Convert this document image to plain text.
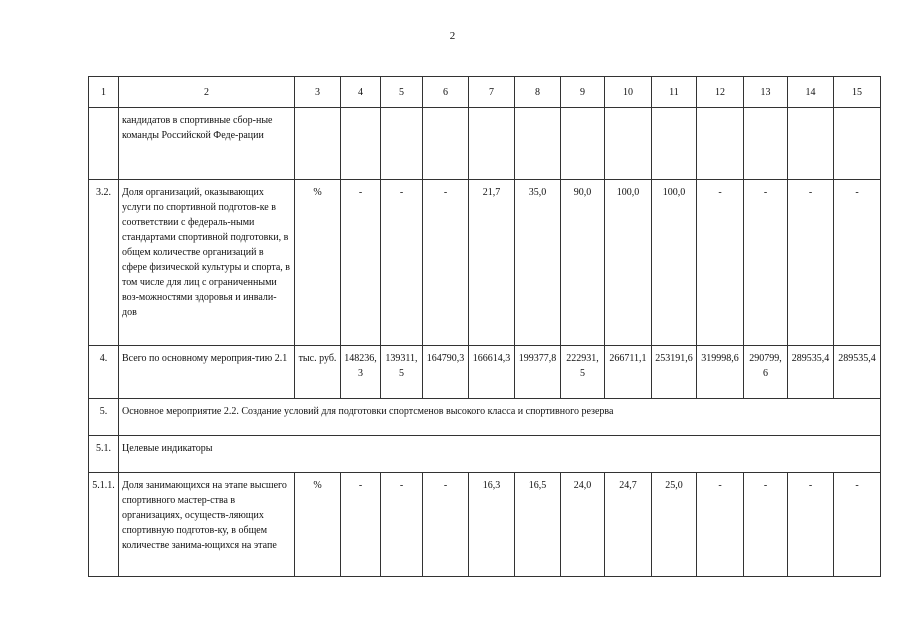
2
1	2	3	4	5	6	7	8	9	10	11	12	13	14	15
	кандидатов в спортивные сбор-ные команды Российской Феде-рации													
3.2.	Доля организаций, оказывающих услуги по спортивной подготов-ке в соответствии с федераль-ными стандартами спортивной подготовки, в общем количестве организаций в сфере физической культуры и спорта, в том числе для лиц с ограниченными воз-можностями здоровья и инвали-дов	%	-	-	-	21,7	35,0	90,0	100,0	100,0	-	-	-	-
4.	Всего по основному мероприя-тию 2.1	тыс. руб.	148236,3	139311,5	164790,3	166614,3	199377,8	222931,5	266711,1	253191,6	319998,6	290799,6	289535,4	289535,4
5.	Основное мероприятие 2.2. Создание условий для подготовки спортсменов высокого класса и спортивного резерва													
5.1.	Целевые индикаторы													
5.1.1.	Доля занимающихся на этапе высшего спортивного мастер-ства в организациях, осуществ-ляющих спортивную подготов-ку, в общем количестве занима-ющихся на этапе	%	-	-	-	16,3	16,5	24,0	24,7	25,0	-	-	-	-
